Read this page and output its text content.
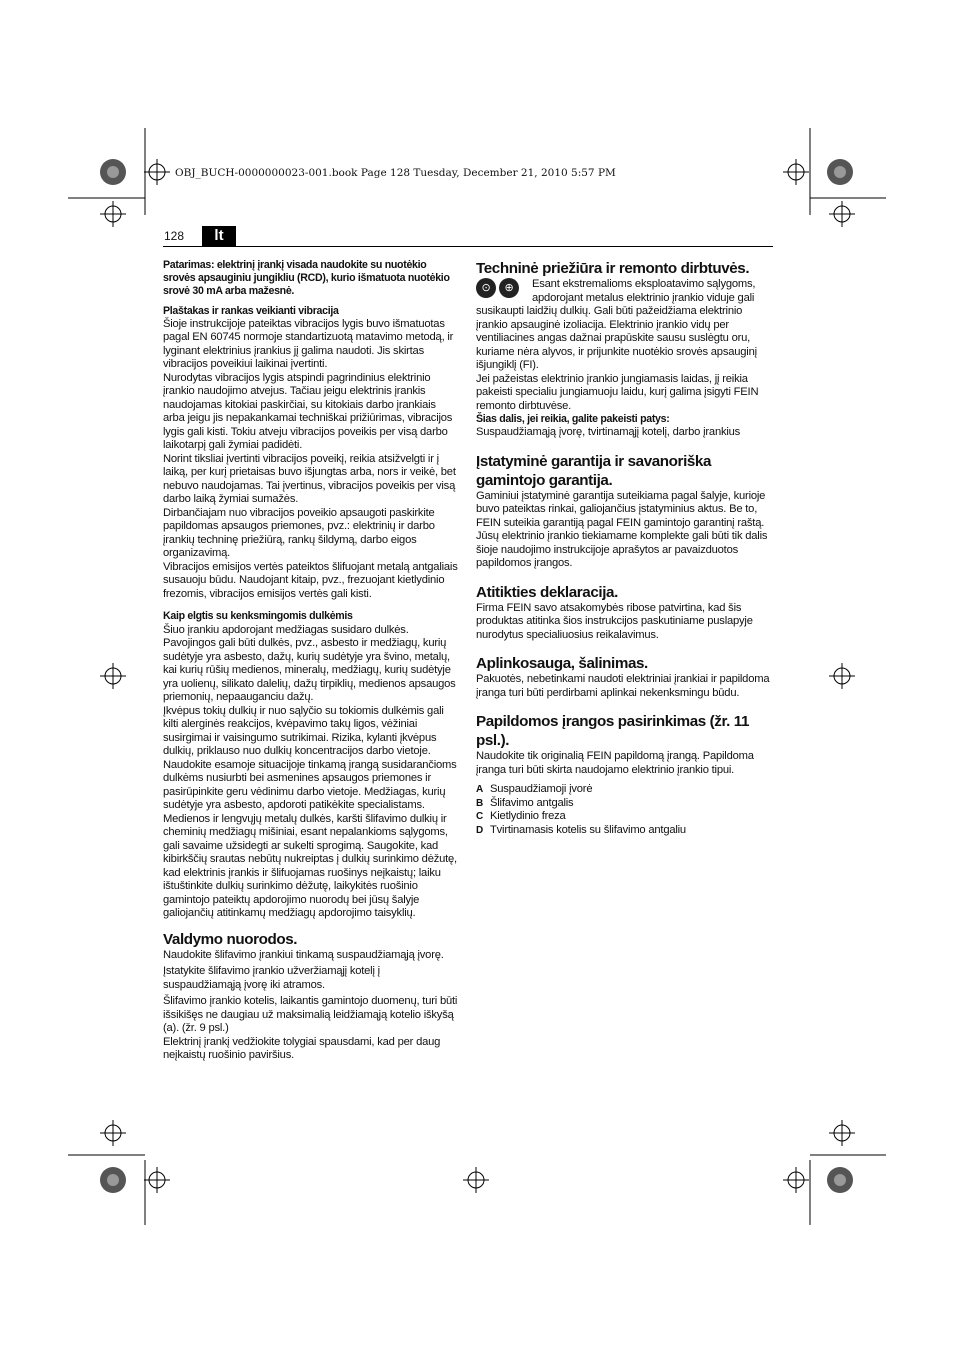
OBJ_BUCH-0000000023-001.book Page 128 Tuesday, December 21, 2010 5:57 PM
128	lt

Patarimas: elektrinį įrankį visada naudokite su nuotėkio srovės apsauginiu jungikliu (RCD), kurio išmatuota nuotėkio srovė 30 mA arba mažesnė.

Plaštakas ir rankas veikianti vibracija

Šioje instrukcijoje pateiktas vibracijos lygis buvo išmatuotas pagal EN 60745 normoje standartizuotą matavimo metodą, ir lyginant elektrinius įrankius jį galima naudoti. Jis skirtas vibracijos poveikiui laikinai įvertinti.

Nurodytas vibracijos lygis atspindi pagrindinius elektrinio įrankio naudojimo atvejus. Tačiau jeigu elektrinis įrankis naudojamas kitokiai paskirčiai, su kitokiais darbo įrankiais arba jeigu jis nepakankamai techniškai prižiūrimas, vibracijos lygis gali kisti. Tokiu atveju vibracijos poveikis per visą darbo laikotarpį gali žymiai padidėti.

Norint tiksliai įvertinti vibracijos poveikį, reikia atsižvelgti ir į laiką, per kurį prietaisas buvo išjungtas arba, nors ir veikė, bet nebuvo naudojamas. Tai įvertinus, vibracijos poveikis per visą darbo laiką žymiai sumažės.

Dirbančiajam nuo vibracijos poveikio apsaugoti paskirkite papildomas apsaugos priemones, pvz.: elektrinių ir darbo įrankių techninę priežiūrą, rankų šildymą, darbo eigos organizavimą.

Vibracijos emisijos vertės pateiktos šlifuojant metalą antgaliais susauoju būdu. Naudojant kitaip, pvz., frezuojant kietlydinio frezomis, vibracijos emisijos vertės gali kisti.

Kaip elgtis su kenksmingomis dulkėmis

Šiuo įrankiu apdorojant medžiagas susidaro dulkės.

Pavojingos gali būti dulkės, pvz., asbesto ir medžiagų, kurių sudėtyje yra asbesto, dažų, kurių sudėtyje yra švino, metalų, kai kurių rūšių medienos, mineralų, medžiagų, kurių sudėtyje yra uolienų, silikato dalelių, dažų tirpiklių, medienos apsaugos priemonių, nepaauganciu dažų.

Įkvėpus tokių dulkių ir nuo sąlyčio su tokiomis dulkėmis gali kilti alerginės reakcijos, kvėpavimo takų ligos, vėžiniai susirgimai ir vaisingumo sutrikimai. Rizika, kylanti įkvėpus dulkių, priklauso nuo dulkių koncentracijos darbo vietoje. Naudokite esamoje situacijoje tinkamą įrangą susidarančioms dulkėms nusiurbti bei asmenines apsaugos priemones ir pasirūpinkite geru vėdinimu darbo vietoje. Medžiagas, kurių sudėtyje yra asbesto, apdoroti patikėkite specialistams.

Medienos ir lengvųjų metalų dulkės, karšti šlifavimo dulkių ir cheminių medžiagų mišiniai, esant nepalankioms sąlygoms, gali savaime užsidegti ar sukelti sprogimą. Saugokite, kad kibirkščių srautas nebūtų nukreiptas į dulkių surinkimo dėžutę, kad elektrinis įrankis ir šlifuojamas ruošinys neįkaistų; laiku ištuštinkite dulkių surinkimo dėžutę, laikykitės ruošinio gamintojo pateiktų apdorojimo nuorodų bei jūsų šalyje galiojančių atitinkamų medžiagų apdorojimo taisyklių.

Valdymo nuorodos.

Naudokite šlifavimo įrankiui tinkamą suspaudžiamąją įvorę.

Įstatykite šlifavimo įrankio užveržiamąjį kotelį į suspaudžiamąją įvorę iki atramos.

Šlifavimo įrankio kotelis, laikantis gamintojo duomenų, turi būti išsikišęs ne daugiau už maksimalią leidžiamąją kotelio iškyšą (a). (žr. 9 psl.)

Elektrinį įrankį vedžiokite tolygiai spausdami, kad per daug neįkaistų ruošinio paviršius.

Techninė priežiūra ir remonto dirbtuvės.

⊙ ⊕	Esant ekstremalioms eksploatavimo sąlygoms, apdorojant metalus elektrinio įrankio viduje gali susikaupti laidžių dulkių. Gali būti pažeidžiama elektrinio įrankio apsauginė izoliacija. Elektrinio įrankio vidų per ventiliacines angas dažnai prapūskite sausu suslėgtu oru, kuriame nėra alyvos, ir prijunkite nuotėkio srovės apsauginį išjungiklį (FI).

Jei pažeistas elektrinio įrankio jungiamasis laidas, jį reikia pakeisti specialiu jungiamuoju laidu, kurį galima įsigyti FEIN remonto dirbtuvėse.

Šias dalis, jei reikia, galite pakeisti patys:

Suspaudžiamąją įvorę, tvirtinamąjį kotelį, darbo įrankius

Įstatyminė garantija ir savanoriška gamintojo garantija.

Gaminiui įstatyminė garantija suteikiama pagal šalyje, kurioje buvo pateiktas rinkai, galiojančius įstatyminius aktus. Be to, FEIN suteikia garantiją pagal FEIN gamintojo garantinį raštą.

Jūsų elektrinio įrankio tiekiamame komplekte gali būti tik dalis šioje naudojimo instrukcijoje aprašytos ar pavaizduotos papildomos įrangos.

Atitikties deklaracija.

Firma FEIN savo atsakomybės ribose patvirtina, kad šis produktas atitinka šios instrukcijos paskutiniame puslapyje nurodytus specialiuosius reikalavimus.

Aplinkosauga, šalinimas.

Pakuotės, nebetinkami naudoti elektriniai įrankiai ir papildoma įranga turi būti perdirbami aplinkai nekenksmingu būdu.

Papildomos įrangos pasirinkimas (žr. 11 psl.).

Naudokite tik originalią FEIN papildomą įrangą. Papildoma įranga turi būti skirta naudojamo elektrinio įrankio tipui.

A Suspaudžiamoji įvorė
B Šlifavimo antgalis
C Kietlydinio freza
D Tvirtinamasis kotelis su šlifavimo antgaliu
